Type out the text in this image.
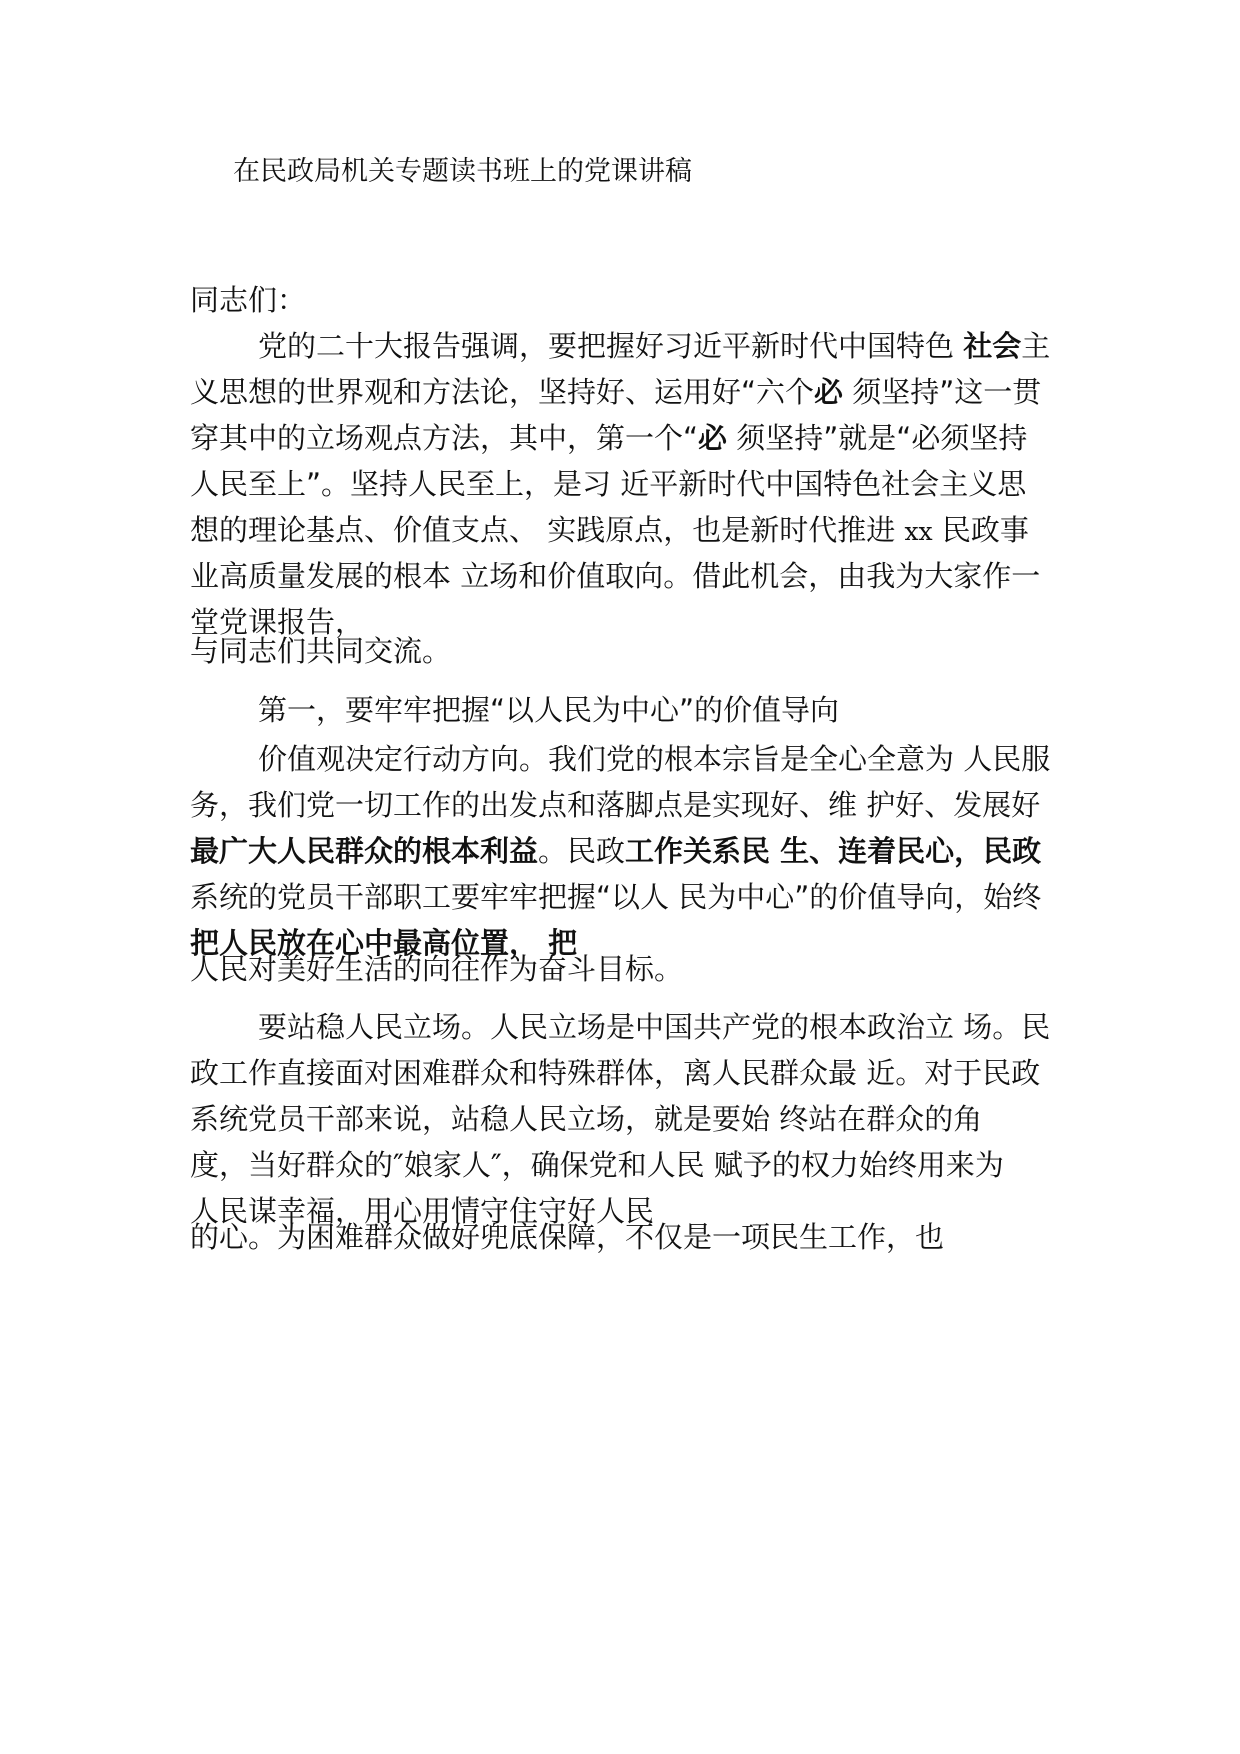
在民政局机关专题读书班上的党课讲稿
同志们：
党的二十大报告强调，要把握好习近平新时代中国特色 社会主
义思想的世界观和方法论，坚持好、运用好“六个必 须坚持”这一贯
穿其中的立场观点方法，其中，第一个“必 须坚持”就是“必须坚持
人民至上”。坚持人民至上，是习 近平新时代中国特色社会主义思
想的理论基点、价值支点、 实践原点，也是新时代推进 xx 民政事
业高质量发展的根本 立场和价值取向。借此机会，由我为大家作一
堂党课报告，
与同志们共同交流。
第一，要牢牢把握“以人民为中心”的价值导向
价值观决定行动方向。我们党的根本宗旨是全心全意为 人民服
务，我们党一切工作的出发点和落脚点是实现好、维 护好、发展好
最广大人民群众的根本利益。民政工作关系民 生、连着民心，民政
系统的党员干部职工要牢牢把握“以人 民为中心”的价值导向，始终
把人民放在心中最高位置， 把
人民对美好生活的向往作为奋斗目标。
要站稳人民立场。人民立场是中国共产党的根本政治立 场。民
政工作直接面对困难群众和特殊群体，离人民群众最 近。对于民政
系统党员干部来说，站稳人民立场，就是要始 终站在群众的角
度，当好群众的″娘家人″，确保党和人民 赋予的权力始终用来为
人民谋幸福，用心用情守住守好人民
的心。为困难群众做好兜底保障，不仅是一项民生工作，也
